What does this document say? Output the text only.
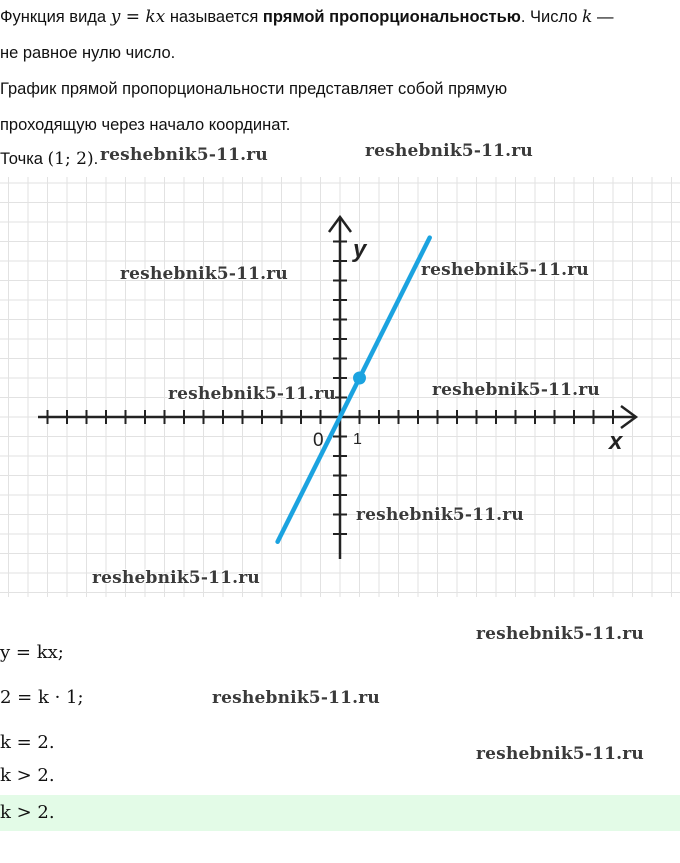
Функция вида y = kx называется прямой пропорциональностью. Число k —
не равное нулю число.
График прямой пропорциональности представляет собой прямую
проходящую через начало координат.
Точка (1; 2).
y
x
0 1
y = kx;
2 = k · 1;
k = 2.
k > 2.
k > 2.
reshebnik5-11.ru	reshebnik5-11.ru
reshebnik5-11.ru	reshebnik5-11.ru
reshebnik5-11.ru	reshebnik5-11.ru
reshebnik5-11.ru
reshebnik5-11.ru
reshebnik5-11.ru
reshebnik5-11.ru
reshebnik5-11.ru
